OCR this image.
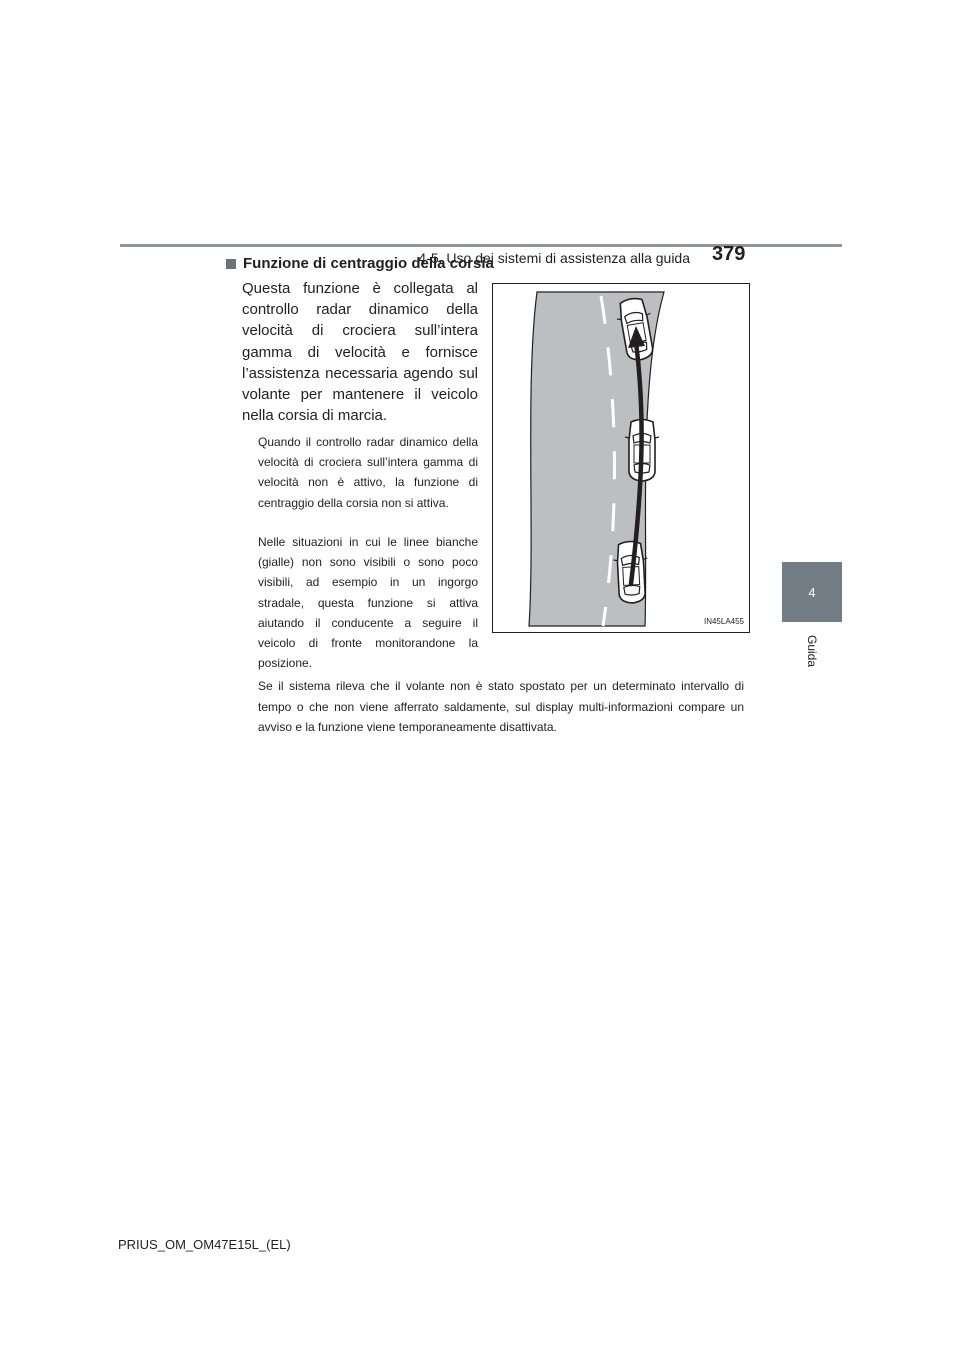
4-5. Uso dei sistemi di assistenza alla guida 379
4
Guida
Funzione di centraggio della corsia
Questa funzione è collegata al controllo radar dinamico della velocità di crociera sull’intera gamma di velocità e fornisce l’assistenza necessaria agendo sul volante per mantenere il veicolo nella corsia di marcia.
Quando il controllo radar dinamico della velocità di crociera sull’intera gamma di velocità non è attivo, la funzione di centraggio della corsia non si attiva.
Nelle situazioni in cui le linee bianche (gialle) non sono visibili o sono poco visibili, ad esempio in un ingorgo stradale, questa funzione si attiva aiutando il conducente a seguire il veicolo di fronte monitorandone la posizione.
Se il sistema rileva che il volante non è stato spostato per un determinato intervallo di tempo o che non viene afferrato saldamente, sul display multi-informazioni compare un avviso e la funzione viene temporaneamente disattivata.
IN45LA455
PRIUS_OM_OM47E15L_(EL)
